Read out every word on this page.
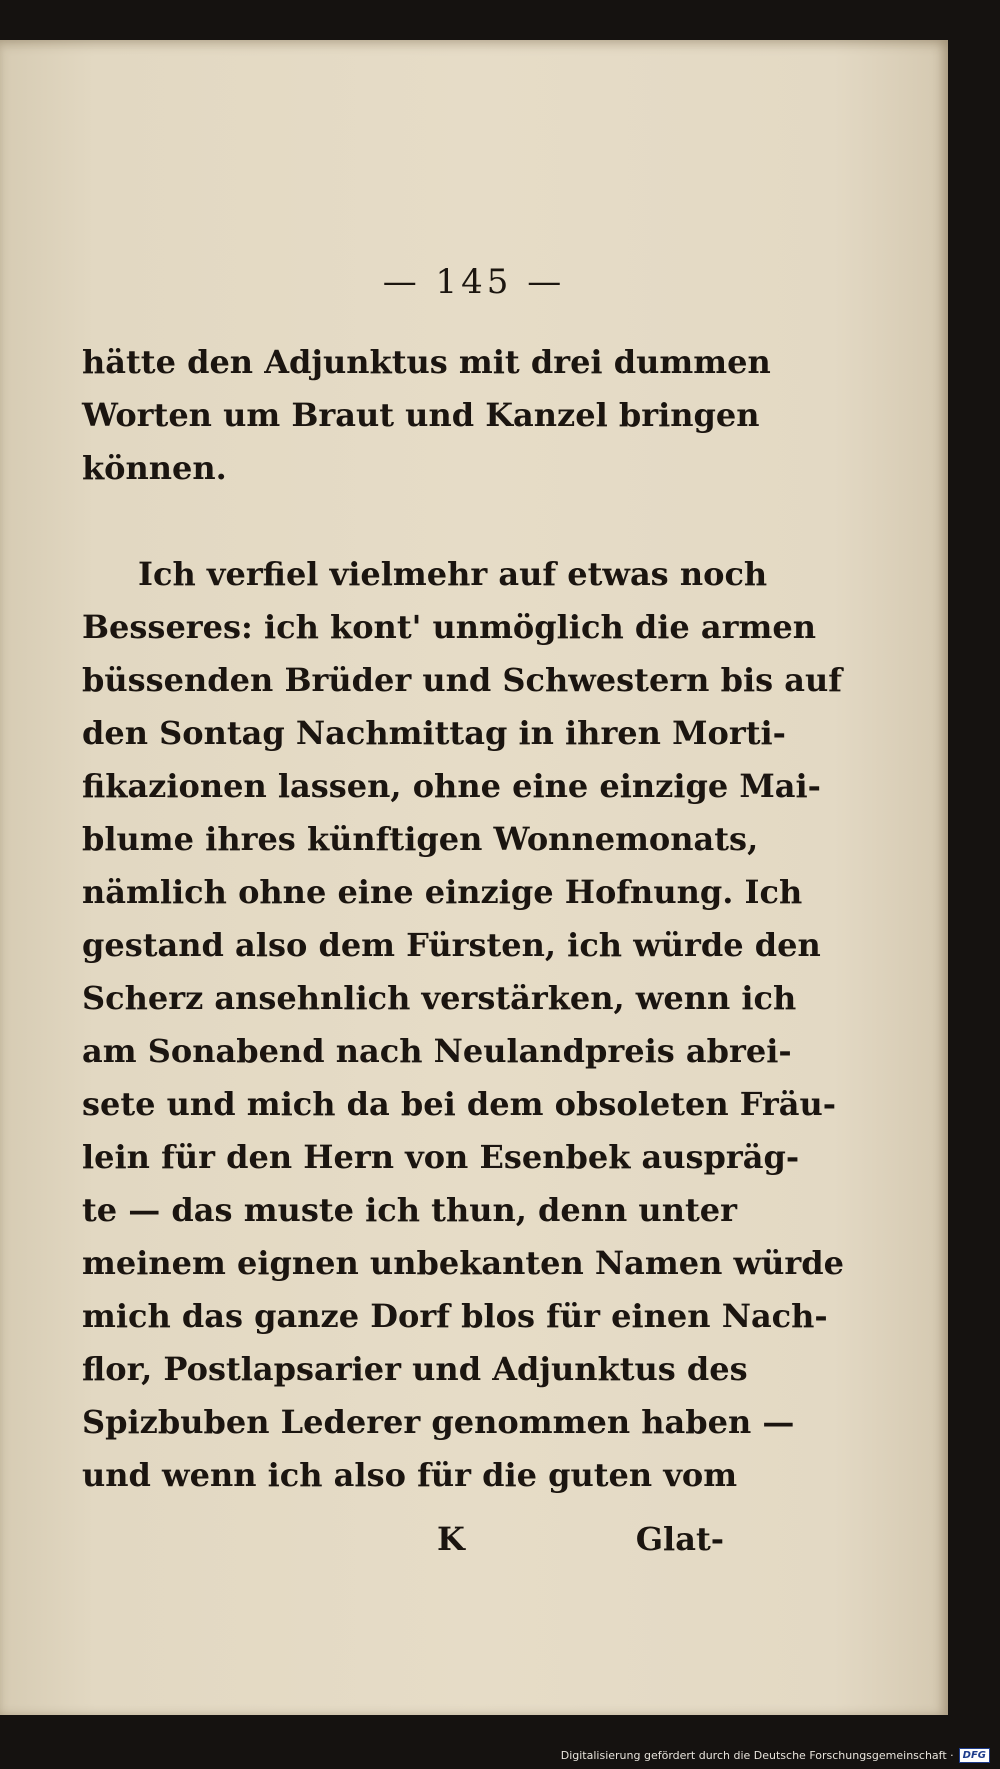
— 145 —
hätte den Adjunktus mit drei dummen
Worten um Braut und Kanzel bringen
können.
Ich verfiel vielmehr auf etwas noch
Besseres: ich kont' unmöglich die armen
büssenden Brüder und Schwestern bis auf
den Sontag Nachmittag in ihren Morti-
fikazionen lassen, ohne eine einzige Mai-
blume ihres künftigen Wonnemonats,
nämlich ohne eine einzige Hofnung. Ich
gestand also dem Fürsten, ich würde den
Scherz ansehnlich verstärken, wenn ich
am Sonabend nach Neulandpreis abrei-
sete und mich da bei dem obsoleten Fräu-
lein für den Hern von Esenbek auspräg-
te — das muste ich thun, denn unter
meinem eignen unbekanten Namen würde
mich das ganze Dorf blos für einen Nach-
flor, Postlapsarier und Adjunktus des
Spizbuben Lederer genommen haben —
und wenn ich also für die guten vom
K	Glat-
Digitalisierung gefördert durch die Deutsche Forschungsgemeinschaft · DFG
